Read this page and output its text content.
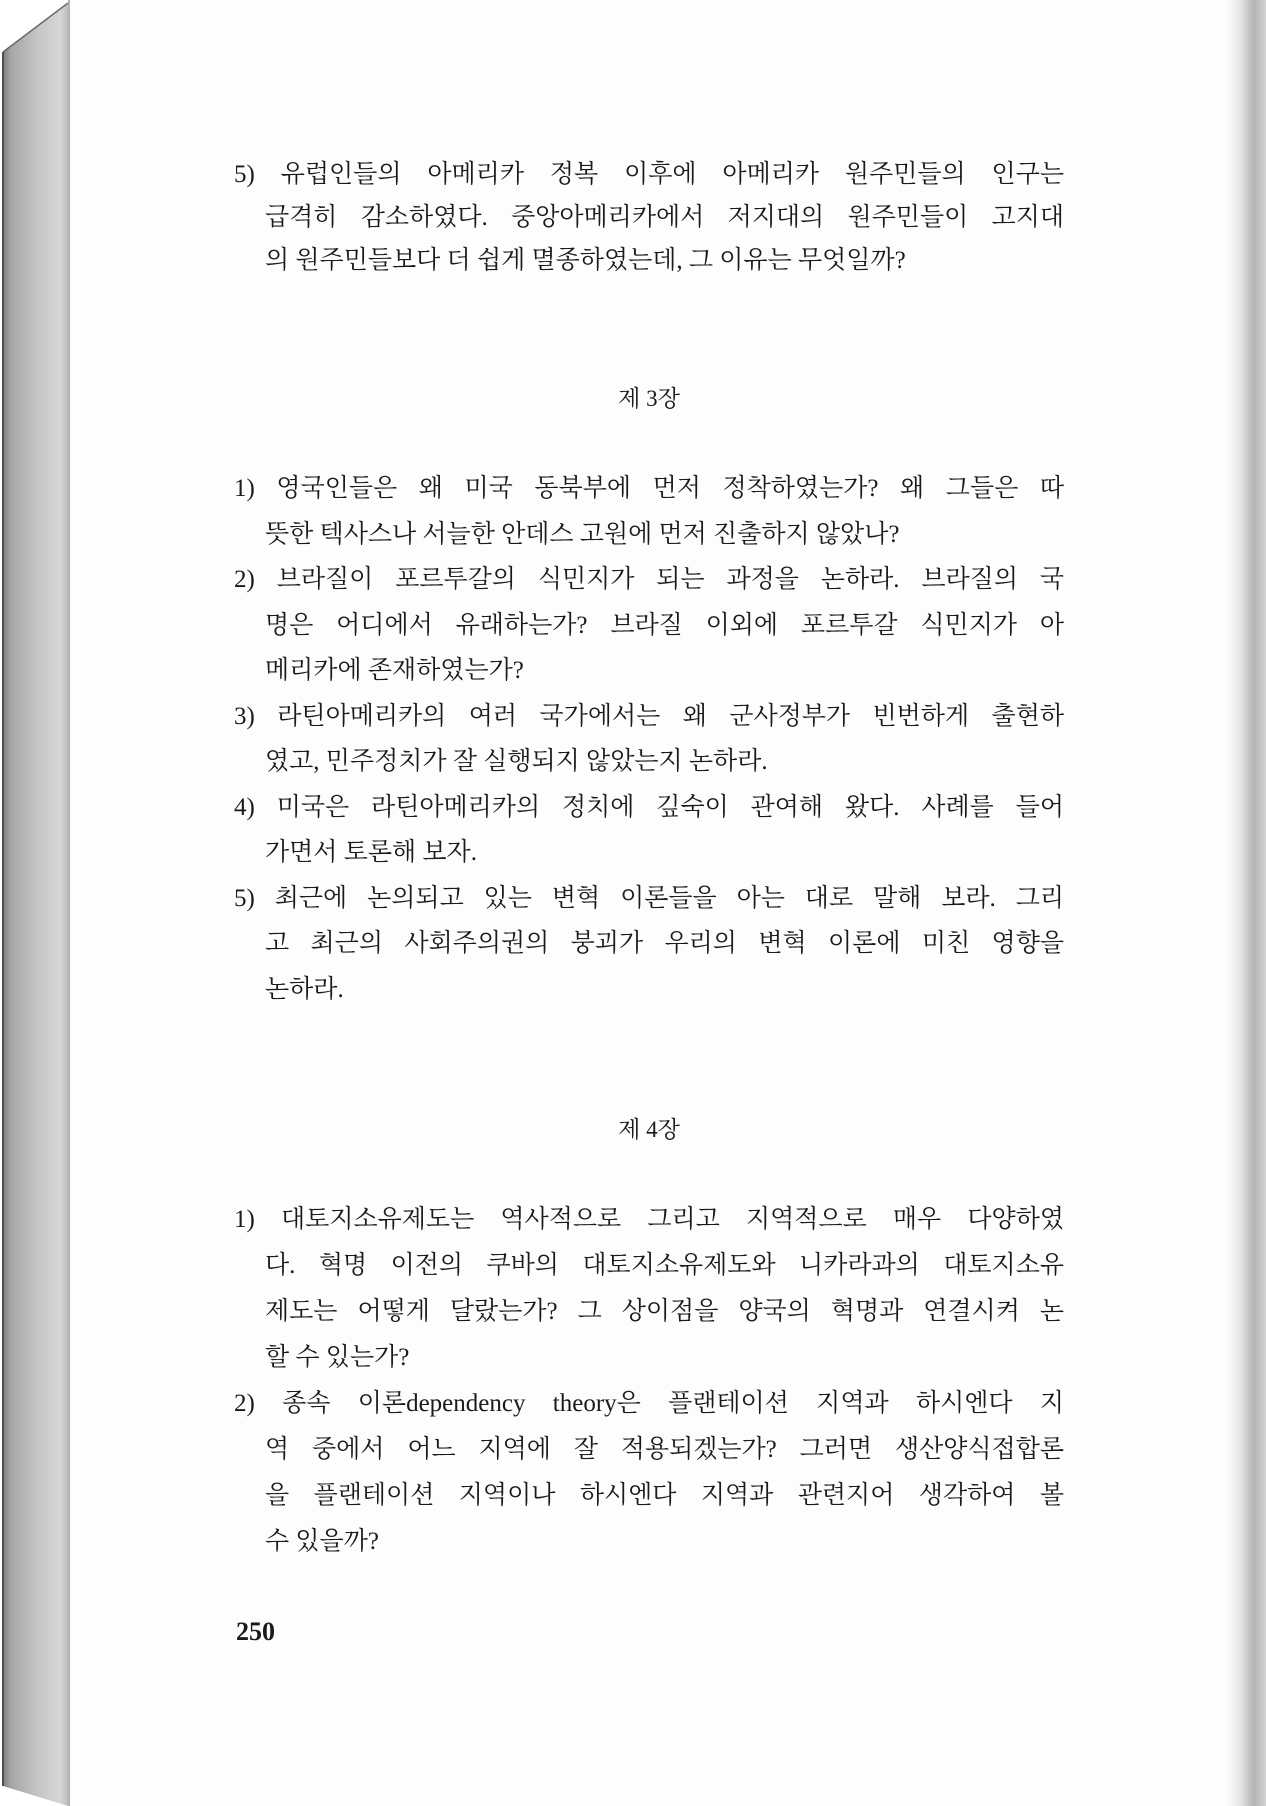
5) 유럽인들의 아메리카 정복 이후에 아메리카 원주민들의 인구는
급격히 감소하였다. 중앙아메리카에서 저지대의 원주민들이 고지대
의 원주민들보다 더 쉽게 멸종하였는데, 그 이유는 무엇일까?
제 3장
1) 영국인들은 왜 미국 동북부에 먼저 정착하였는가? 왜 그들은 따
뜻한 텍사스나 서늘한 안데스 고원에 먼저 진출하지 않았나?
2) 브라질이 포르투갈의 식민지가 되는 과정을 논하라. 브라질의 국
명은 어디에서 유래하는가? 브라질 이외에 포르투갈 식민지가 아
메리카에 존재하였는가?
3) 라틴아메리카의 여러 국가에서는 왜 군사정부가 빈번하게 출현하
였고, 민주정치가 잘 실행되지 않았는지 논하라.
4) 미국은 라틴아메리카의 정치에 깊숙이 관여해 왔다. 사례를 들어
가면서 토론해 보자.
5) 최근에 논의되고 있는 변혁 이론들을 아는 대로 말해 보라. 그리
고 최근의 사회주의권의 붕괴가 우리의 변혁 이론에 미친 영향을
논하라.
제 4장
1) 대토지소유제도는 역사적으로 그리고 지역적으로 매우 다양하였
다. 혁명 이전의 쿠바의 대토지소유제도와 니카라과의 대토지소유
제도는 어떻게 달랐는가? 그 상이점을 양국의 혁명과 연결시켜 논
할 수 있는가?
2) 종속 이론dependency theory은 플랜테이션 지역과 하시엔다 지
역 중에서 어느 지역에 잘 적용되겠는가? 그러면 생산양식접합론
을 플랜테이션 지역이나 하시엔다 지역과 관련지어 생각하여 볼
수 있을까?
250
